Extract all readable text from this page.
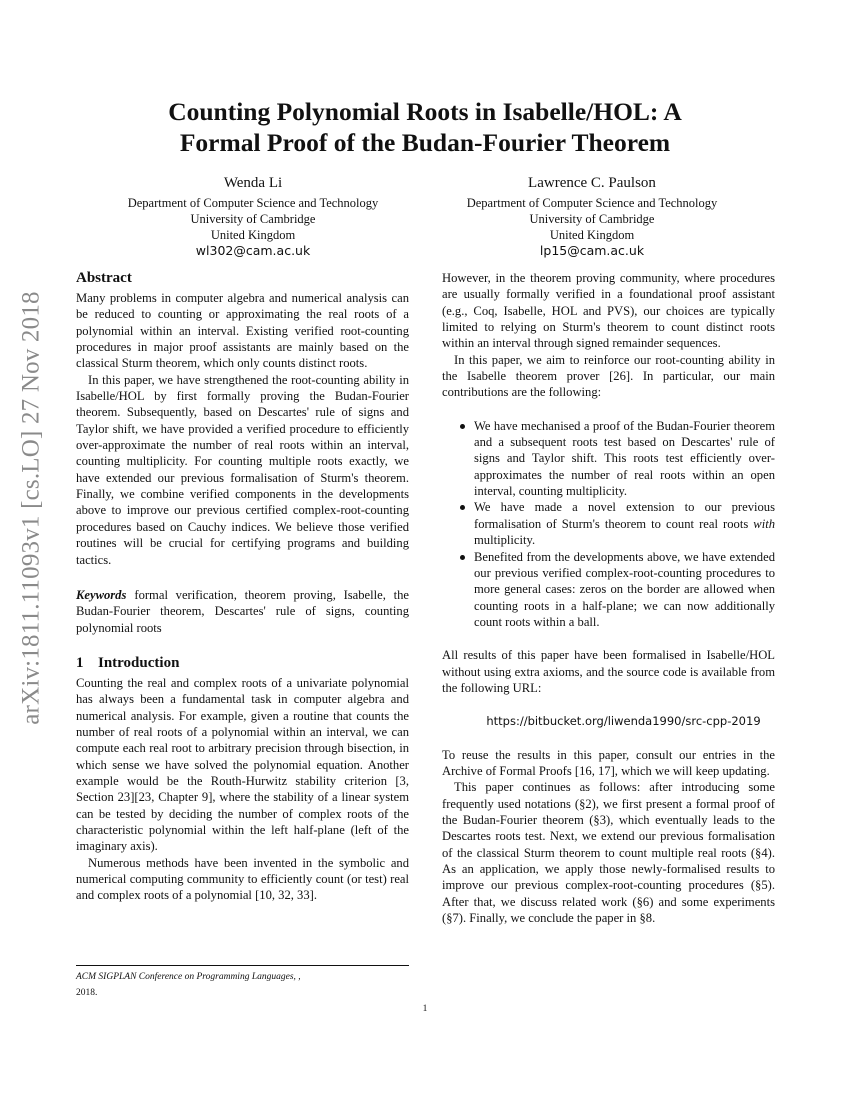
arXiv:1811.11093v1 [cs.LO] 27 Nov 2018
Counting Polynomial Roots in Isabelle/HOL: A
Formal Proof of the Budan-Fourier Theorem
Wenda Li
Department of Computer Science and Technology
University of Cambridge
United Kingdom
wl302@cam.ac.uk
Lawrence C. Paulson
Department of Computer Science and Technology
University of Cambridge
United Kingdom
lp15@cam.ac.uk
Abstract

Many problems in computer algebra and numerical analysis can be reduced to counting or approximating the real roots of a polynomial within an interval. Existing verified root-counting procedures in major proof assistants are mainly based on the classical Sturm theorem, which only counts distinct roots.

In this paper, we have strengthened the root-counting ability in Isabelle/HOL by first formally proving the Budan-Fourier theorem. Subsequently, based on Descartes' rule of signs and Taylor shift, we have provided a verified procedure to efficiently over-approximate the number of real roots within an interval, counting multiplicity. For counting multiple roots exactly, we have extended our previous formalisation of Sturm's theorem. Finally, we combine verified components in the developments above to improve our previous certified complex-root-counting procedures based on Cauchy indices. We believe those verified routines will be crucial for certifying programs and building tactics.

Keywords formal verification, theorem proving, Isabelle, the Budan-Fourier theorem, Descartes' rule of signs, counting polynomial roots

1 Introduction

Counting the real and complex roots of a univariate polynomial has always been a fundamental task in computer algebra and numerical analysis. For example, given a routine that counts the number of real roots of a polynomial within an interval, we can compute each real root to arbitrary precision through bisection, in which sense we have solved the polynomial equation. Another example would be the Routh-Hurwitz stability criterion [3, Section 23][23, Chapter 9], where the stability of a linear system can be tested by deciding the number of complex roots of the characteristic polynomial within the left half-plane (left of the imaginary axis).

Numerous methods have been invented in the symbolic and numerical computing community to efficiently count (or test) real and complex roots of a polynomial [10, 32, 33].

However, in the theorem proving community, where procedures are usually formally verified in a foundational proof assistant (e.g., Coq, Isabelle, HOL and PVS), our choices are typically limited to relying on Sturm's theorem to count distinct roots within an interval through signed remainder sequences.

In this paper, we aim to reinforce our root-counting ability in the Isabelle theorem prover [26]. In particular, our main contributions are the following:

We have mechanised a proof of the Budan-Fourier theorem and a subsequent roots test based on Descartes' rule of signs and Taylor shift. This roots test efficiently over-approximates the number of real roots within an open interval, counting multiplicity.
We have made a novel extension to our previous formalisation of Sturm's theorem to count real roots with multiplicity.
Benefited from the developments above, we have extended our previous verified complex-root-counting procedures to more general cases: zeros on the border are allowed when counting roots in a half-plane; we can now additionally count roots within a ball.

All results of this paper have been formalised in Isabelle/HOL without using extra axioms, and the source code is available from the following URL:

https://bitbucket.org/liwenda1990/src-cpp-2019

To reuse the results in this paper, consult our entries in the Archive of Formal Proofs [16, 17], which we will keep updating.

This paper continues as follows: after introducing some frequently used notations (§2), we first present a formal proof of the Budan-Fourier theorem (§3), which eventually leads to the Descartes roots test. Next, we extend our previous formalisation of the classical Sturm theorem to count multiple real roots (§4). As an application, we apply those newly-formalised results to improve our previous complex-root-counting procedures (§5). After that, we discuss related work (§6) and some experiments (§7). Finally, we conclude the paper in §8.

ACM SIGPLAN Conference on Programming Languages, ,
2018.
1
